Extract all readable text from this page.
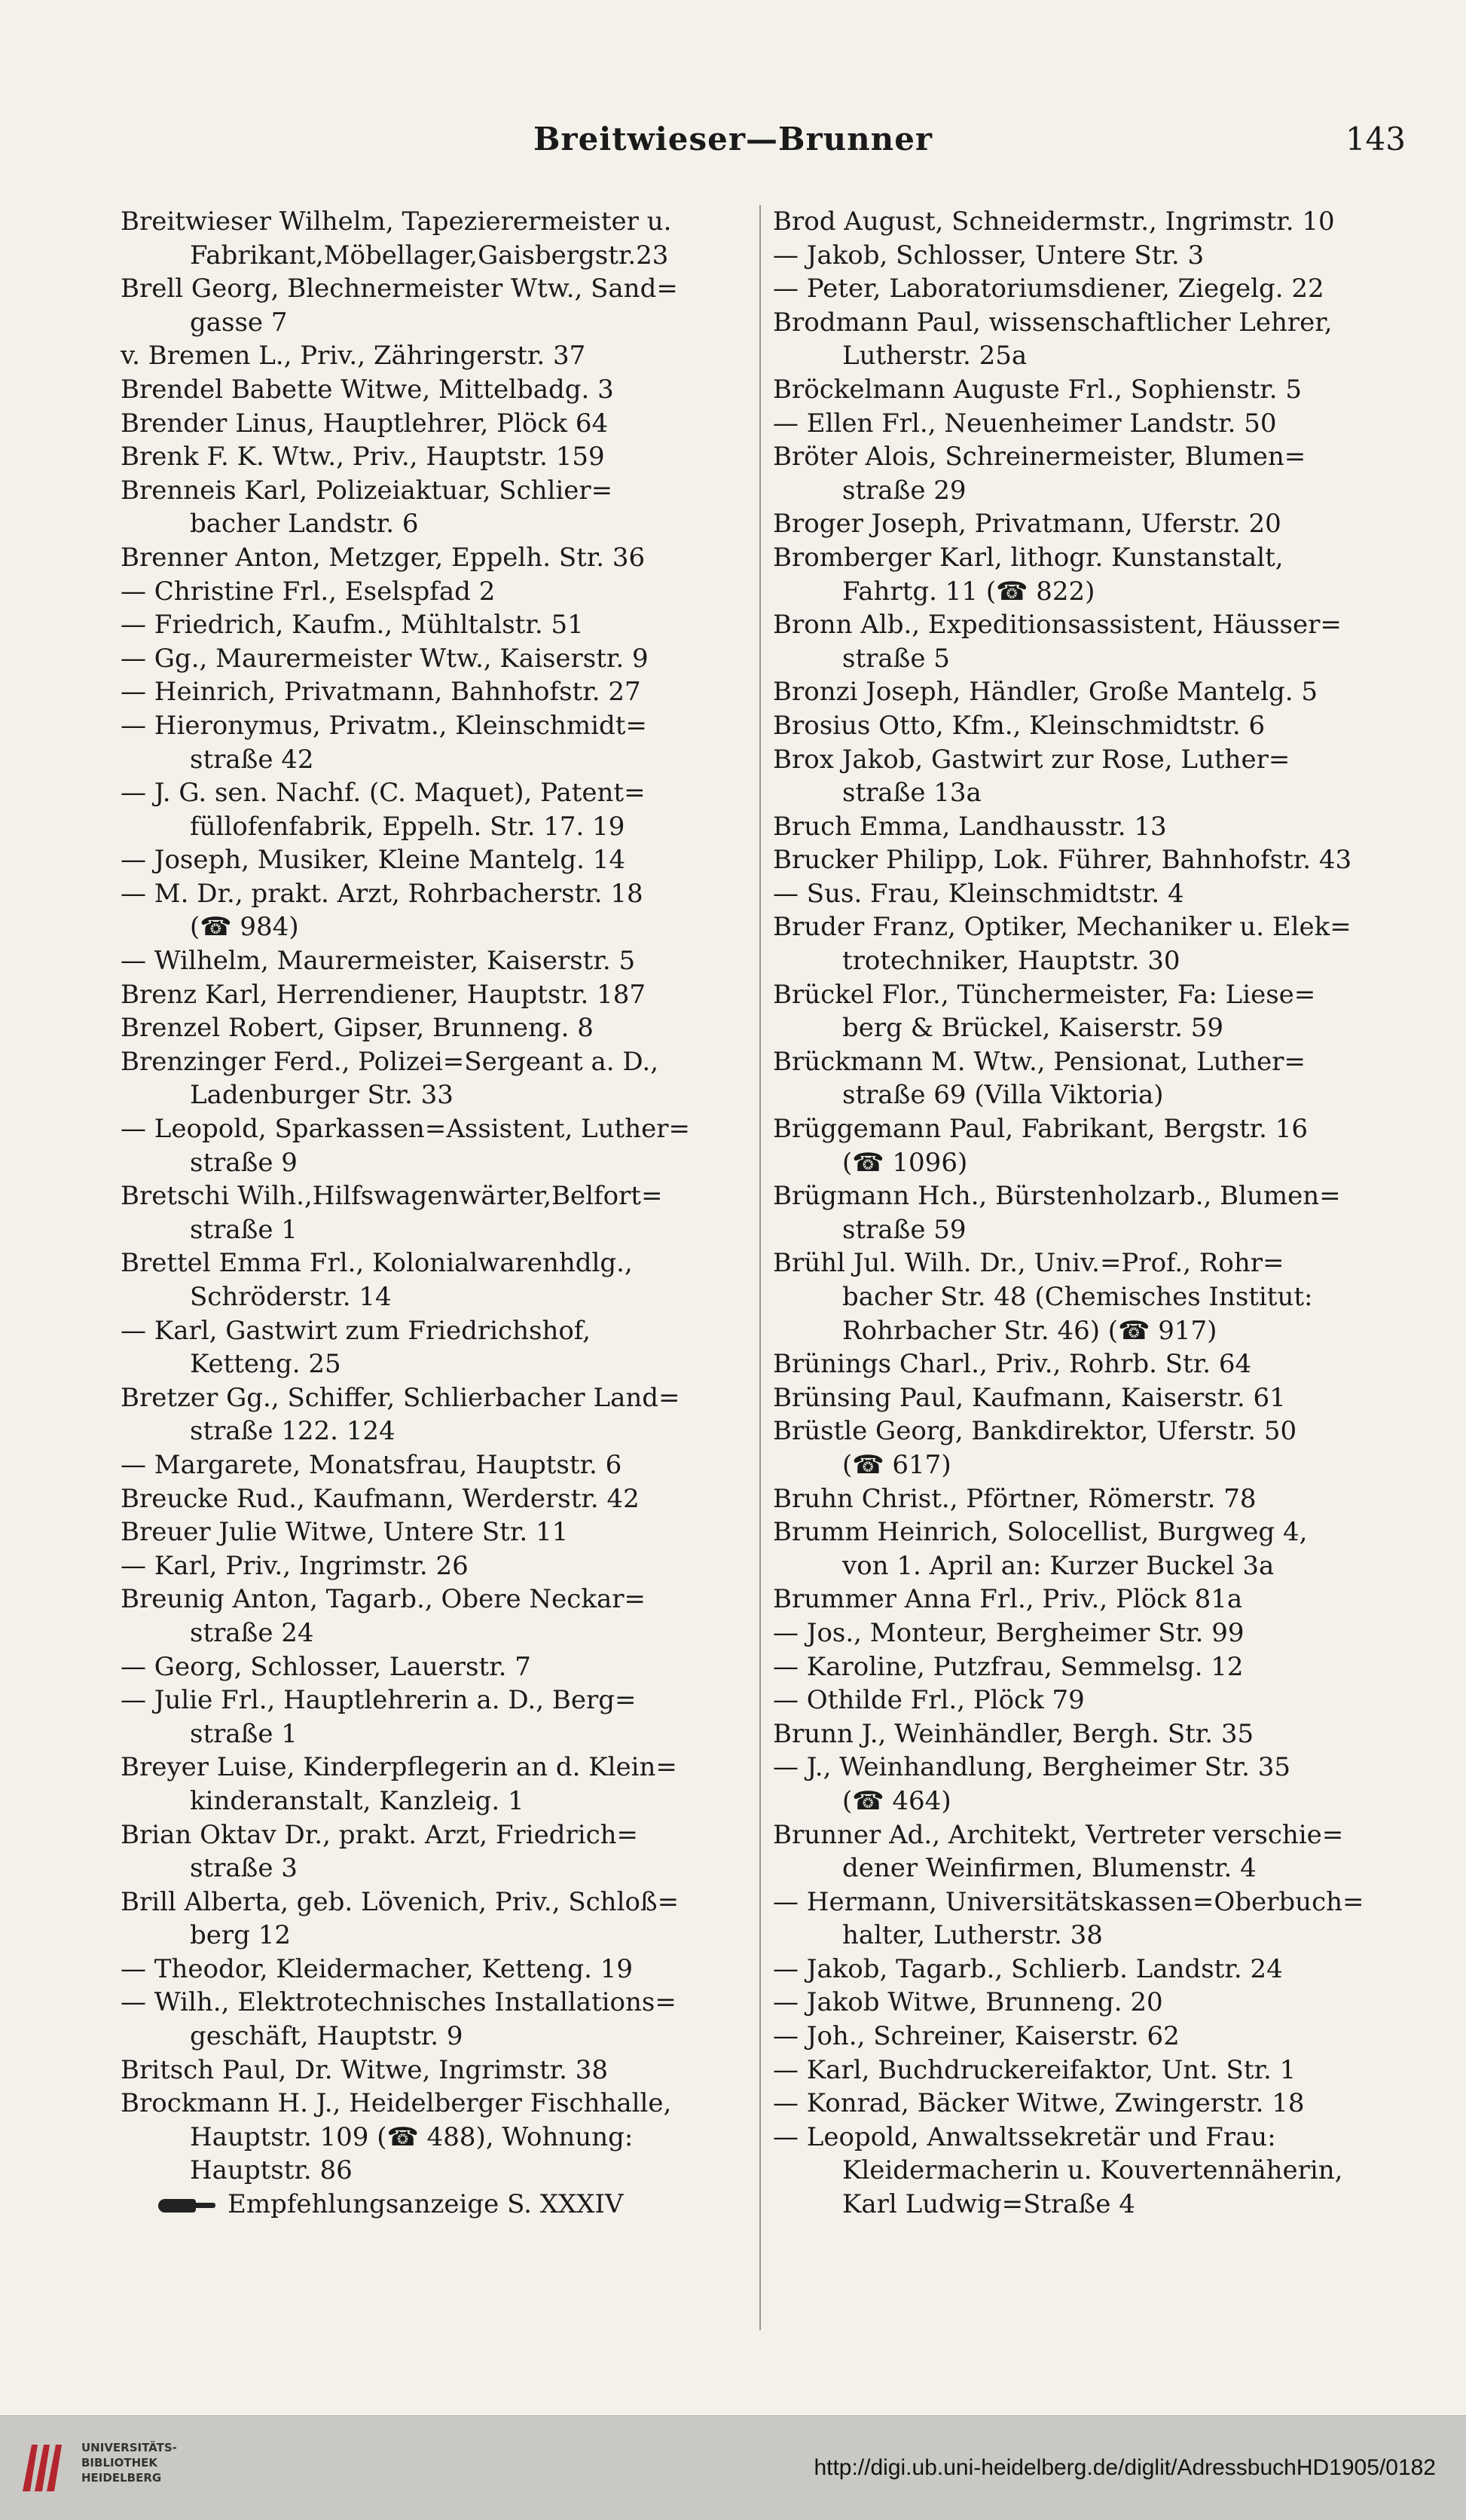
Breitwieser—Brunner	143
Breitwieser Wilhelm, Tapezierermeister u.
Fabrikant,Möbellager,Gaisbergstr.23
Brell Georg, Blechnermeister Wtw., Sand=
gasse 7
v. Bremen L., Priv., Zähringerstr. 37
Brendel Babette Witwe, Mittelbadg. 3
Brender Linus, Hauptlehrer, Plöck 64
Brenk F. K. Wtw., Priv., Hauptstr. 159
Brenneis Karl, Polizeiaktuar, Schlier=
bacher Landstr. 6
Brenner Anton, Metzger, Eppelh. Str. 36
— Christine Frl., Eselspfad 2
— Friedrich, Kaufm., Mühltalstr. 51
— Gg., Maurermeister Wtw., Kaiserstr. 9
— Heinrich, Privatmann, Bahnhofstr. 27
— Hieronymus, Privatm., Kleinschmidt=
straße 42
— J. G. sen. Nachf. (C. Maquet), Patent=
füllofenfabrik, Eppelh. Str. 17. 19
— Joseph, Musiker, Kleine Mantelg. 14
— M. Dr., prakt. Arzt, Rohrbacherstr. 18
(☎ 984)
— Wilhelm, Maurermeister, Kaiserstr. 5
Brenz Karl, Herrendiener, Hauptstr. 187
Brenzel Robert, Gipser, Brunneng. 8
Brenzinger Ferd., Polizei=Sergeant a. D.,
Ladenburger Str. 33
— Leopold, Sparkassen=Assistent, Luther=
straße 9
Bretschi Wilh.,Hilfswagenwärter,Belfort=
straße 1
Brettel Emma Frl., Kolonialwarenhdlg.,
Schröderstr. 14
— Karl, Gastwirt zum Friedrichshof,
Ketteng. 25
Bretzer Gg., Schiffer, Schlierbacher Land=
straße 122. 124
— Margarete, Monatsfrau, Hauptstr. 6
Breucke Rud., Kaufmann, Werderstr. 42
Breuer Julie Witwe, Untere Str. 11
— Karl, Priv., Ingrimstr. 26
Breunig Anton, Tagarb., Obere Neckar=
straße 24
— Georg, Schlosser, Lauerstr. 7
— Julie Frl., Hauptlehrerin a. D., Berg=
straße 1
Breyer Luise, Kinderpflegerin an d. Klein=
kinderanstalt, Kanzleig. 1
Brian Oktav Dr., prakt. Arzt, Friedrich=
straße 3
Brill Alberta, geb. Lövenich, Priv., Schloß=
berg 12
— Theodor, Kleidermacher, Ketteng. 19
— Wilh., Elektrotechnisches Installations=
geschäft, Hauptstr. 9
Britsch Paul, Dr. Witwe, Ingrimstr. 38
Brockmann H. J., Heidelberger Fischhalle,
Hauptstr. 109 (☎ 488), Wohnung:
Hauptstr. 86
Empfehlungsanzeige S. XXXIV
Brod August, Schneidermstr., Ingrimstr. 10
— Jakob, Schlosser, Untere Str. 3
— Peter, Laboratoriumsdiener, Ziegelg. 22
Brodmann Paul, wissenschaftlicher Lehrer,
Lutherstr. 25a
Bröckelmann Auguste Frl., Sophienstr. 5
— Ellen Frl., Neuenheimer Landstr. 50
Bröter Alois, Schreinermeister, Blumen=
straße 29
Broger Joseph, Privatmann, Uferstr. 20
Bromberger Karl, lithogr. Kunstanstalt,
Fahrtg. 11 (☎ 822)
Bronn Alb., Expeditionsassistent, Häusser=
straße 5
Bronzi Joseph, Händler, Große Mantelg. 5
Brosius Otto, Kfm., Kleinschmidtstr. 6
Brox Jakob, Gastwirt zur Rose, Luther=
straße 13a
Bruch Emma, Landhausstr. 13
Brucker Philipp, Lok. Führer, Bahnhofstr. 43
— Sus. Frau, Kleinschmidtstr. 4
Bruder Franz, Optiker, Mechaniker u. Elek=
trotechniker, Hauptstr. 30
Brückel Flor., Tünchermeister, Fa: Liese=
berg & Brückel, Kaiserstr. 59
Brückmann M. Wtw., Pensionat, Luther=
straße 69 (Villa Viktoria)
Brüggemann Paul, Fabrikant, Bergstr. 16
(☎ 1096)
Brügmann Hch., Bürstenholzarb., Blumen=
straße 59
Brühl Jul. Wilh. Dr., Univ.=Prof., Rohr=
bacher Str. 48 (Chemisches Institut:
Rohrbacher Str. 46) (☎ 917)
Brünings Charl., Priv., Rohrb. Str. 64
Brünsing Paul, Kaufmann, Kaiserstr. 61
Brüstle Georg, Bankdirektor, Uferstr. 50
(☎ 617)
Bruhn Christ., Pförtner, Römerstr. 78
Brumm Heinrich, Solocellist, Burgweg 4,
von 1. April an: Kurzer Buckel 3a
Brummer Anna Frl., Priv., Plöck 81a
— Jos., Monteur, Bergheimer Str. 99
— Karoline, Putzfrau, Semmelsg. 12
— Othilde Frl., Plöck 79
Brunn J., Weinhändler, Bergh. Str. 35
— J., Weinhandlung, Bergheimer Str. 35
(☎ 464)
Brunner Ad., Architekt, Vertreter verschie=
dener Weinfirmen, Blumenstr. 4
— Hermann, Universitätskassen=Oberbuch=
halter, Lutherstr. 38
— Jakob, Tagarb., Schlierb. Landstr. 24
— Jakob Witwe, Brunneng. 20
— Joh., Schreiner, Kaiserstr. 62
— Karl, Buchdruckereifaktor, Unt. Str. 1
— Konrad, Bäcker Witwe, Zwingerstr. 18
— Leopold, Anwaltssekretär und Frau:
Kleidermacherin u. Kouvertennäherin,
Karl Ludwig=Straße 4
UNIVERSITÄTS-
BIBLIOTHEK
HEIDELBERG	http://digi.ub.uni-heidelberg.de/diglit/AdressbuchHD1905/0182
